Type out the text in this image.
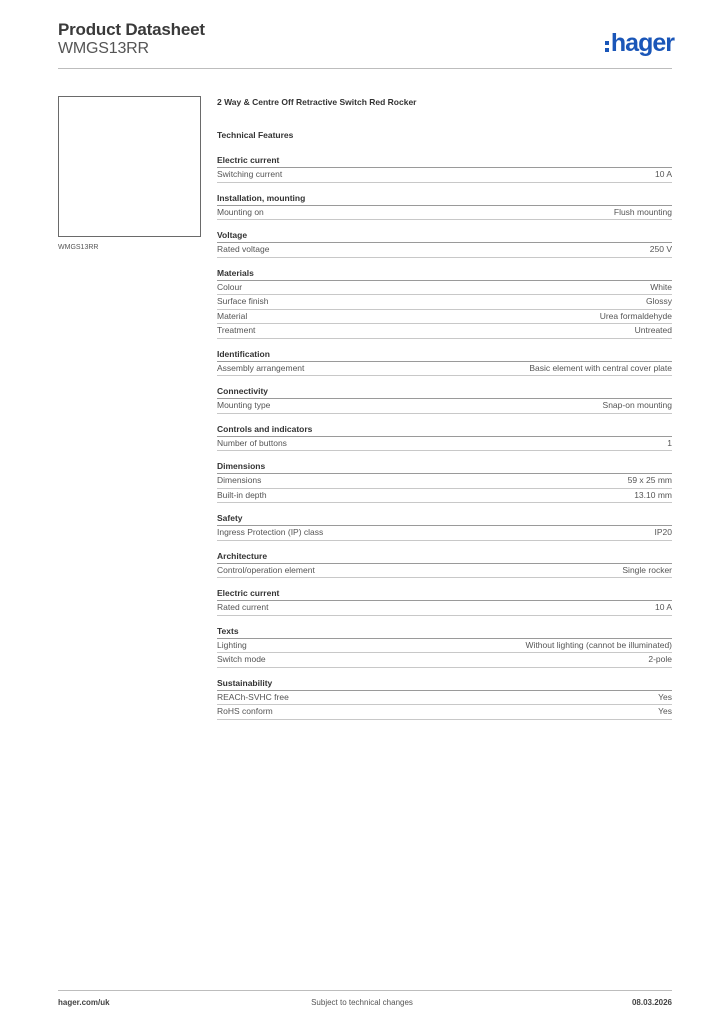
Product Datasheet
WMGS13RR	hager
WMGS13RR
2 Way & Centre Off Retractive Switch Red Rocker
Technical Features
Electric current
Switching current	10 A
Installation, mounting
Mounting on	Flush mounting
Voltage
Rated voltage	250 V
Materials
Colour	White
Surface finish	Glossy
Material	Urea formaldehyde
Treatment	Untreated
Identification
Assembly arrangement	Basic element with central cover plate
Connectivity
Mounting type	Snap-on mounting
Controls and indicators
Number of buttons	1
Dimensions
Dimensions	59 x 25 mm
Built-in depth	13.10 mm
Safety
Ingress Protection (IP) class	IP20
Architecture
Control/operation element	Single rocker
Electric current
Rated current	10 A
Texts
Lighting	Without lighting (cannot be illuminated)
Switch mode	2-pole
Sustainability
REACh-SVHC free	Yes
RoHS conform	Yes
hager.com/uk	Subject to technical changes	08.03.2026
